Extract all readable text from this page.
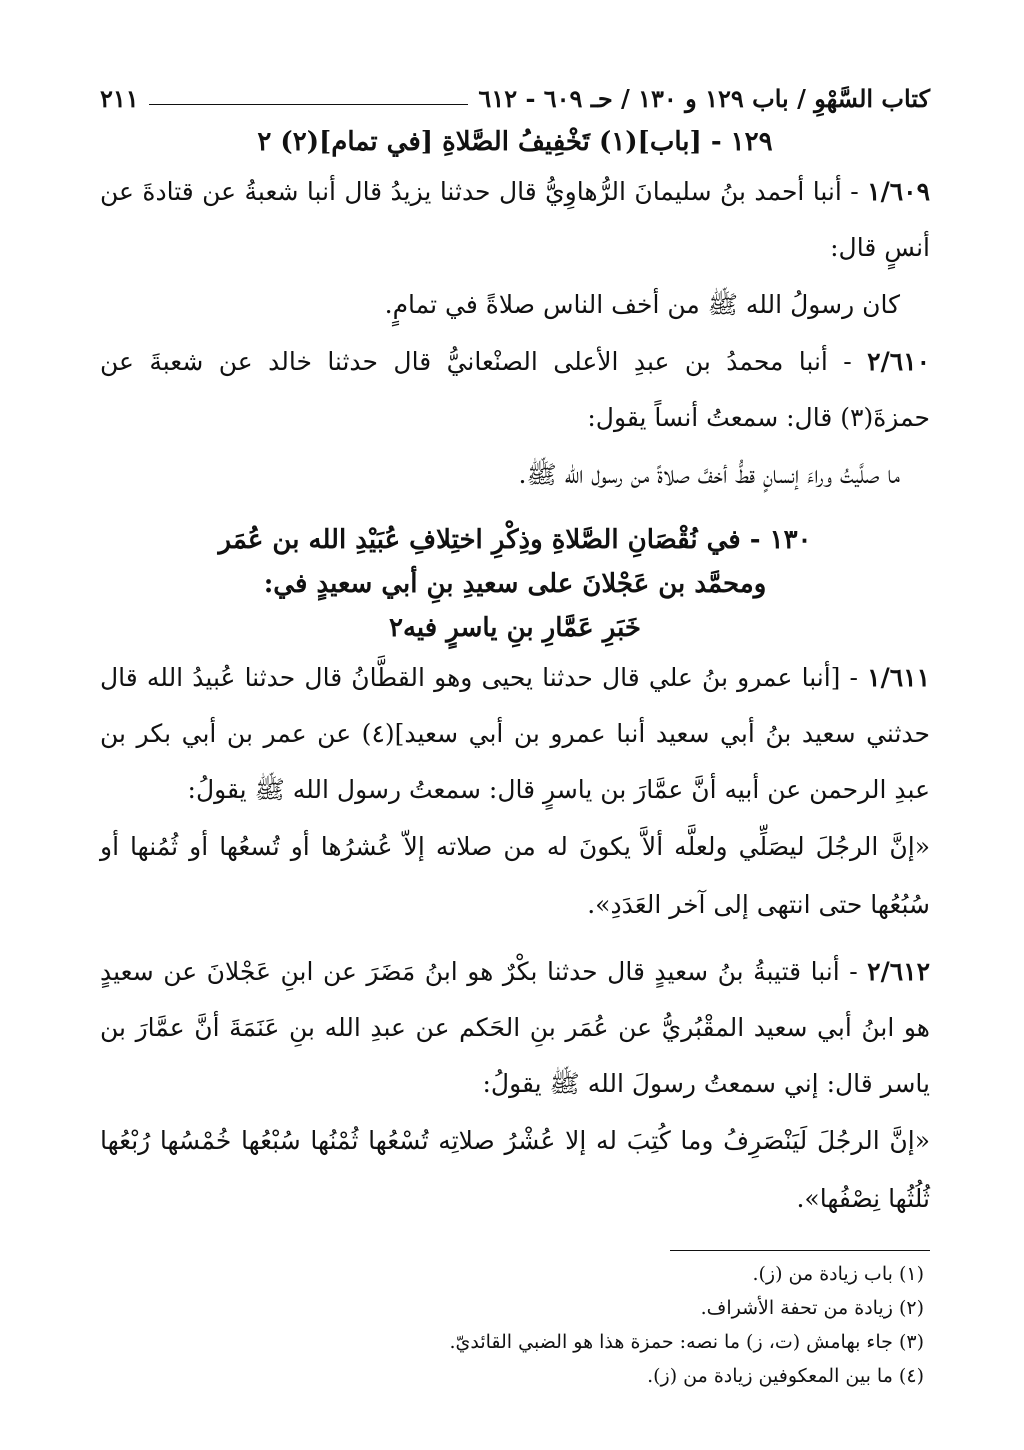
كتاب السَّهْوِ / باب ١٢٩ و ١٣٠ / حـ ٦٠٩ - ٦١٢
٢١١
١٢٩ - [باب](١) تَخْفِيفُ الصَّلاةِ [في تمام](٢) ٢

١/٦٠٩ - أنبا أحمد بنُ سليمانَ الرُّهاوِيُّ قال حدثنا يزيدُ قال أنبا شعبةُ عن قتادةَ عن أنسٍ قال:

كان رسولُ الله ﷺ من أخف الناس صلاةً في تمامٍ.

٢/٦١٠ - أنبا محمدُ بن عبدِ الأعلى الصنْعانيُّ قال حدثنا خالد عن شعبةَ عن حمزةَ(٣) قال: سمعتُ أنساً يقول:

ما صلَّيتُ وراءَ إنسانٍ قطُّ أخفَّ صلاةً من رسول الله ﷺ.

١٣٠ - في نُقْصَانِ الصَّلاةِ وذِكْرِ اختِلافِ عُبَيْدِ الله بن عُمَر
ومحمَّد بن عَجْلانَ على سعيدِ بنِ أبي سعيدٍ في:
خَبَرِ عَمَّارِ بنِ ياسرٍ فيه٢

١/٦١١ - [أنبا عمرو بنُ علي قال حدثنا يحيى وهو القطَّانُ قال حدثنا عُبيدُ الله قال حدثني سعيد بنُ أبي سعيد أنبا عمرو بن أبي سعيد](٤) عن عمر بن أبي بكر بن عبدِ الرحمن عن أبيه أنَّ عمَّارَ بن ياسرٍ قال: سمعتُ رسول الله ﷺ يقولُ:

«إنَّ الرجُلَ ليصَلِّي ولعلَّه ألاَّ يكونَ له من صلاته إلاّ عُشرُها أو تُسعُها أو ثُمُنها أو سُبُعُها حتى انتهى إلى آخر العَدَدِ».

٢/٦١٢ - أنبا قتيبةُ بنُ سعيدٍ قال حدثنا بكْرٌ هو ابنُ مَضَرَ عن ابنِ عَجْلانَ عن سعيدٍ هو ابنُ أبي سعيد المقْبُريُّ عن عُمَر بنِ الحَكم عن عبدِ الله بنِ عَنَمَةَ أنَّ عمَّارَ بن ياسر قال: إني سمعتُ رسولَ الله ﷺ يقولُ:

«إنَّ الرجُلَ لَيَنْصَرِفُ وما كُتِبَ له إلا عُشْرُ صلاتِه تُسْعُها ثُمْنُها سُبْعُها خُمْسُها رُبْعُها ثُلُثُها نِصْفُها».

(١) باب زيادة من (ز).

(٢) زيادة من تحفة الأشراف.

(٣) جاء بهامش (ت، ز) ما نصه: حمزة هذا هو الضبي القائديّ.

(٤) ما بين المعكوفين زيادة من (ز).
